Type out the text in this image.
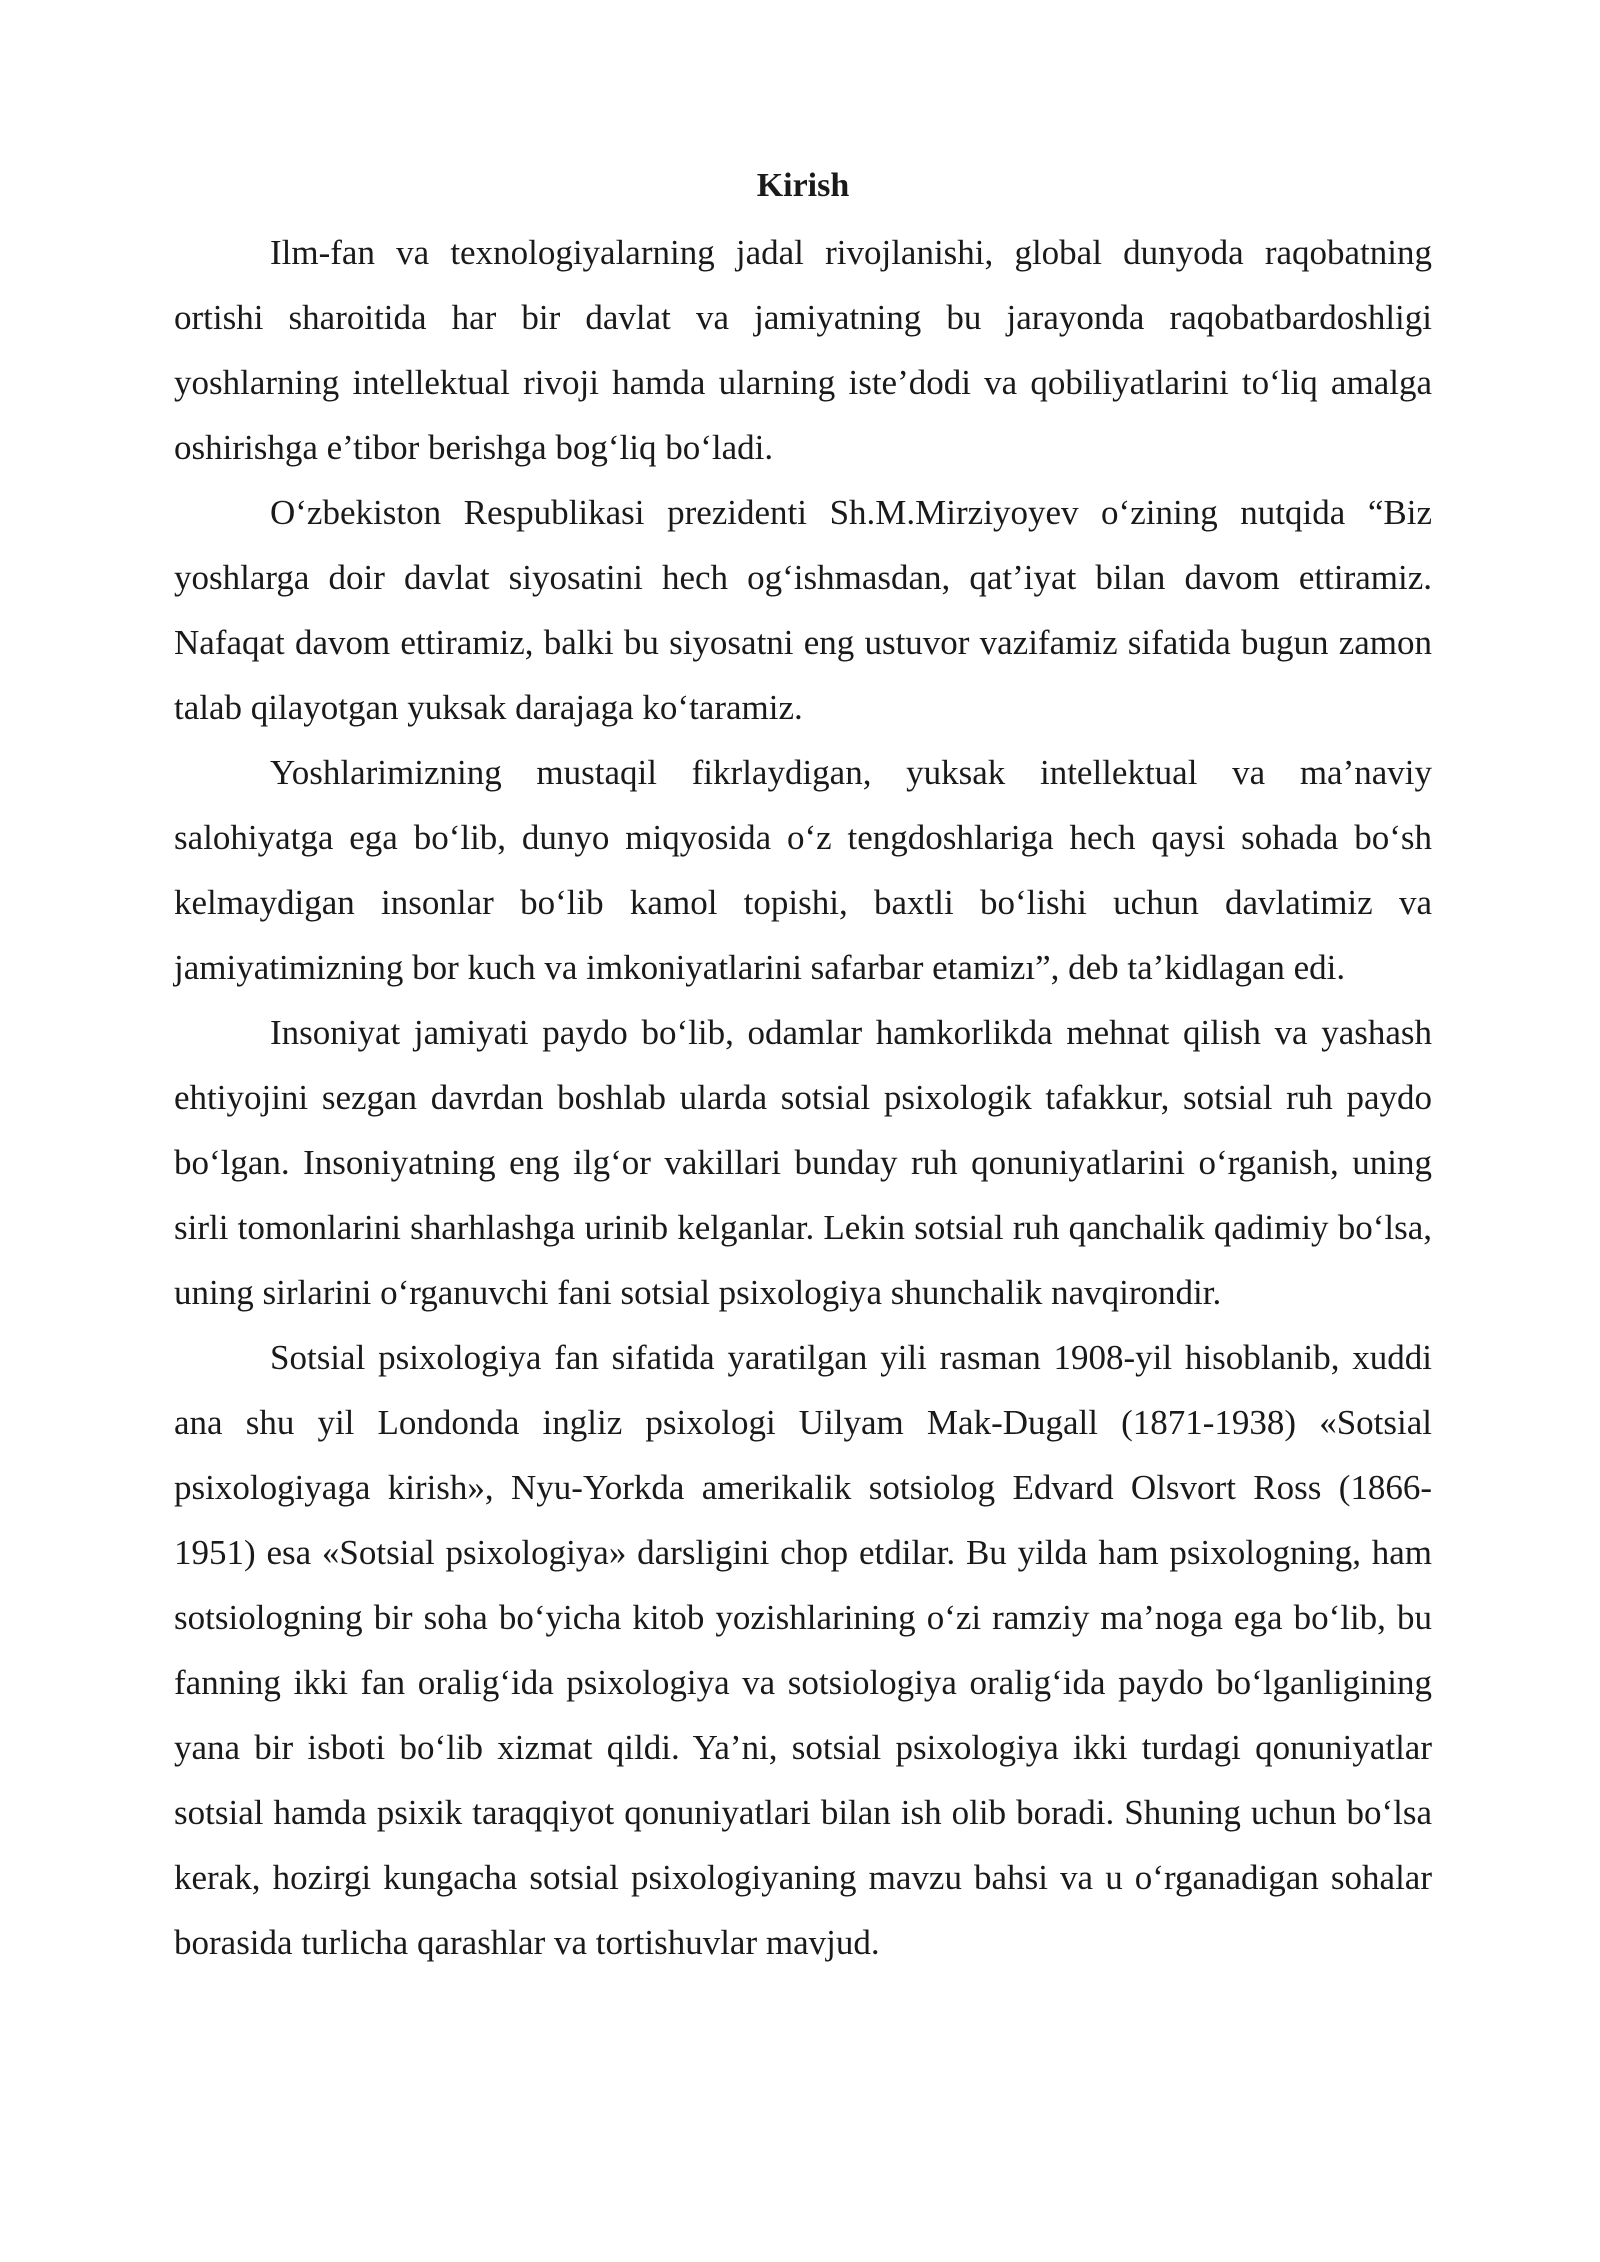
Kirish

Ilm-fan va texnologiyalarning jadal rivojlanishi, global dunyoda raqobatning ortishi sharoitida har bir davlat va jamiyatning bu jarayonda raqobatbardoshligi yoshlarning intellektual rivoji hamda ularning iste’dodi va qobiliyatlarini to‘liq amalga oshirishga e’tibor berishga bog‘liq bo‘ladi.

O‘zbekiston Respublikasi prezidenti Sh.M.Mirziyoyev o‘zining nutqida “Biz yoshlarga doir davlat siyosatini hech og‘ishmasdan, qat’iyat bilan davom ettiramiz. Nafaqat davom ettiramiz, balki bu siyosatni eng ustuvor vazifamiz sifatida bugun zamon talab qilayotgan yuksak darajaga ko‘taramiz.

Yoshlarimizning mustaqil fikrlaydigan, yuksak intellektual va ma’naviy salohiyatga ega bo‘lib, dunyo miqyosida o‘z tengdoshlariga hech qaysi sohada bo‘sh kelmaydigan insonlar bo‘lib kamol topishi, baxtli bo‘lishi uchun davlatimiz va jamiyatimizning bor kuch va imkoniyatlarini safarbar etamizı”, deb ta’kidlagan edi.

Insoniyat jamiyati paydo bo‘lib, odamlar hamkorlikda mehnat qilish va yashash ehtiyojini sezgan davrdan boshlab ularda sotsial psixologik tafakkur, sotsial ruh paydo bo‘lgan. Insoniyatning eng ilg‘or vakillari bunday ruh qonuniyatlarini o‘rganish, uning sirli tomonlarini sharhlashga urinib kelganlar. Lekin sotsial ruh qanchalik qadimiy bo‘lsa, uning sirlarini o‘rganuvchi fani sotsial psixologiya shunchalik navqirondir.

Sotsial psixologiya fan sifatida yaratilgan yili rasman 1908-yil hisoblanib, xuddi ana shu yil Londonda ingliz psixologi Uilyam Mak-Dugall (1871-1938) «Sotsial psixologiyaga kirish», Nyu-Yorkda amerikalik sotsiolog Edvard Olsvort Ross (1866-1951) esa «Sotsial psixologiya» darsligini chop etdilar. Bu yilda ham psixologning, ham sotsiologning bir soha bo‘yicha kitob yozishlarining o‘zi ramziy ma’noga ega bo‘lib, bu fanning ikki fan oralig‘ida psixologiya va sotsiologiya oralig‘ida paydo bo‘lganligining yana bir isboti bo‘lib xizmat qildi. Ya’ni, sotsial psixologiya ikki turdagi qonuniyatlar sotsial hamda psixik taraqqiyot qonuniyatlari bilan ish olib boradi. Shuning uchun bo‘lsa kerak, hozirgi kungacha sotsial psixologiyaning mavzu bahsi va u o‘rganadigan sohalar borasida turlicha qarashlar va tortishuvlar mavjud.
